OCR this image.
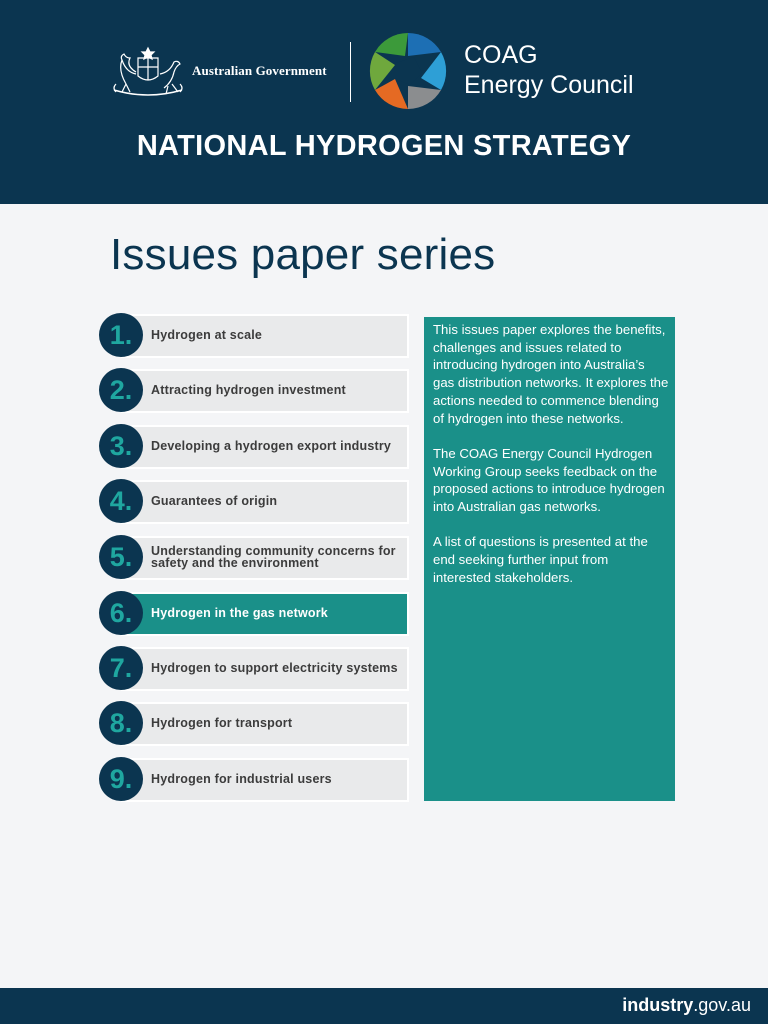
Australian Government
COAG
Energy Council
NATIONAL HYDROGEN STRATEGY
Issues paper series
1.	Hydrogen at scale
2.	Attracting hydrogen investment
3.	Developing a hydrogen export industry
4.	Guarantees of origin
5.	Understanding community concerns for safety and the environment
6.	Hydrogen in the gas network
7.	Hydrogen to support electricity systems
8.	Hydrogen for transport
9.	Hydrogen for industrial users

This issues paper explores the benefits, challenges and issues related to introducing hydrogen into Australia’s gas distribution networks. It explores the actions needed to commence blending of hydrogen into these networks.

The COAG Energy Council Hydrogen Working Group seeks feedback on the proposed actions to introduce hydrogen into Australian gas networks.

A list of questions is presented at the end seeking further input from interested stakeholders.

industry.gov.au
